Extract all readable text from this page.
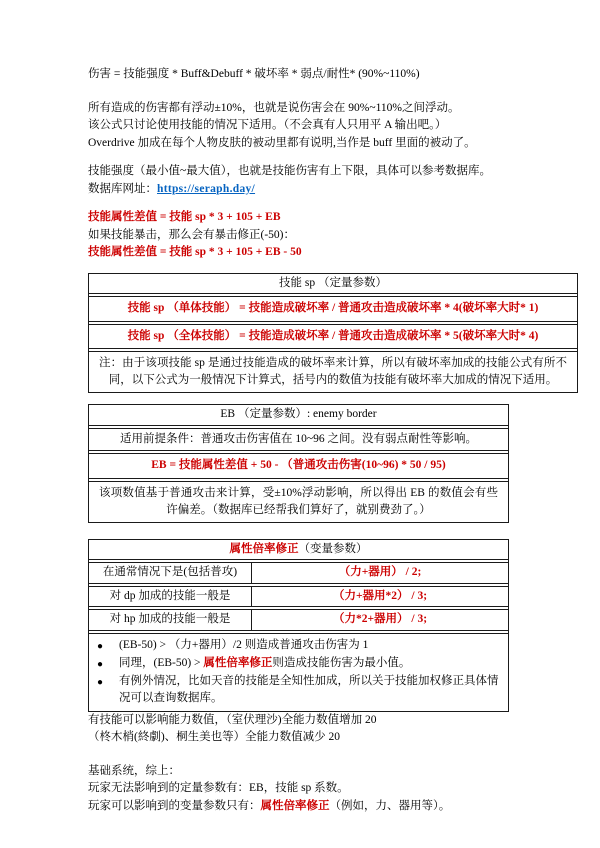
伤害 = 技能强度 * Buff&Debuff * 破坏率 * 弱点/耐性* (90%~110%)

所有造成的伤害都有浮动±10%，也就是说伤害会在 90%~110%之间浮动。

该公式只讨论使用技能的情况下适用。（不会真有人只用平 A 输出吧。）

Overdrive 加成在每个人物皮肤的被动里都有说明,当作是 buff 里面的被动了。

技能强度（最小值~最大值），也就是技能伤害有上下限，具体可以参考数据库。

数据库网址：https://seraph.day/

技能属性差值 = 技能 sp * 3 + 105 + EB

如果技能暴击，那么会有暴击修正(-50)：

技能属性差值 = 技能 sp * 3 + 105 + EB - 50

技能 sp （定量参数）
技能 sp （单体技能） = 技能造成破坏率 / 普通攻击造成破坏率 * 4(破坏率大时* 1)
技能 sp （全体技能） = 技能造成破坏率 / 普通攻击造成破坏率 * 5(破坏率大时* 4)
注：由于该项技能 sp 是通过技能造成的破坏率来计算，所以有破坏率加成的技能公式有所不同，以下公式为一般情况下计算式，括号内的数值为技能有破坏率大加成的情况下适用。
EB （定量参数）: enemy border
适用前提条件：普通攻击伤害值在 10~96 之间。没有弱点耐性等影响。
EB = 技能属性差值 + 50 - （普通攻击伤害(10~96) * 50 / 95)
该项数值基于普通攻击来计算，受±10%浮动影响，所以得出 EB 的数值会有些许偏差。（数据库已经帮我们算好了，就别费劲了。）
属性倍率修正（变量参数）
在通常情况下是(包括普攻)	（力+器用） / 2;
对 dp 加成的技能一般是	（力+器用*2） / 3;
对 hp 加成的技能一般是	（力*2+器用） / 3;
●	(EB-50) > （力+器用）/2 则造成普通攻击伤害为 1
●	同理，(EB-50) > 属性倍率修正则造成技能伤害为最小值。
●	有例外情况，比如天音的技能是全知性加成，所以关于技能加权修正具体情况可以查询数据库。

有技能可以影响能力数值，（室伏理沙)全能力数值增加 20

（柊木梢(終劇)、桐生美也等）全能力数值减少 20

基础系统，综上：

玩家无法影响到的定量参数有：EB，技能 sp 系数。

玩家可以影响到的变量参数只有：属性倍率修正（例如，力、器用等）。
